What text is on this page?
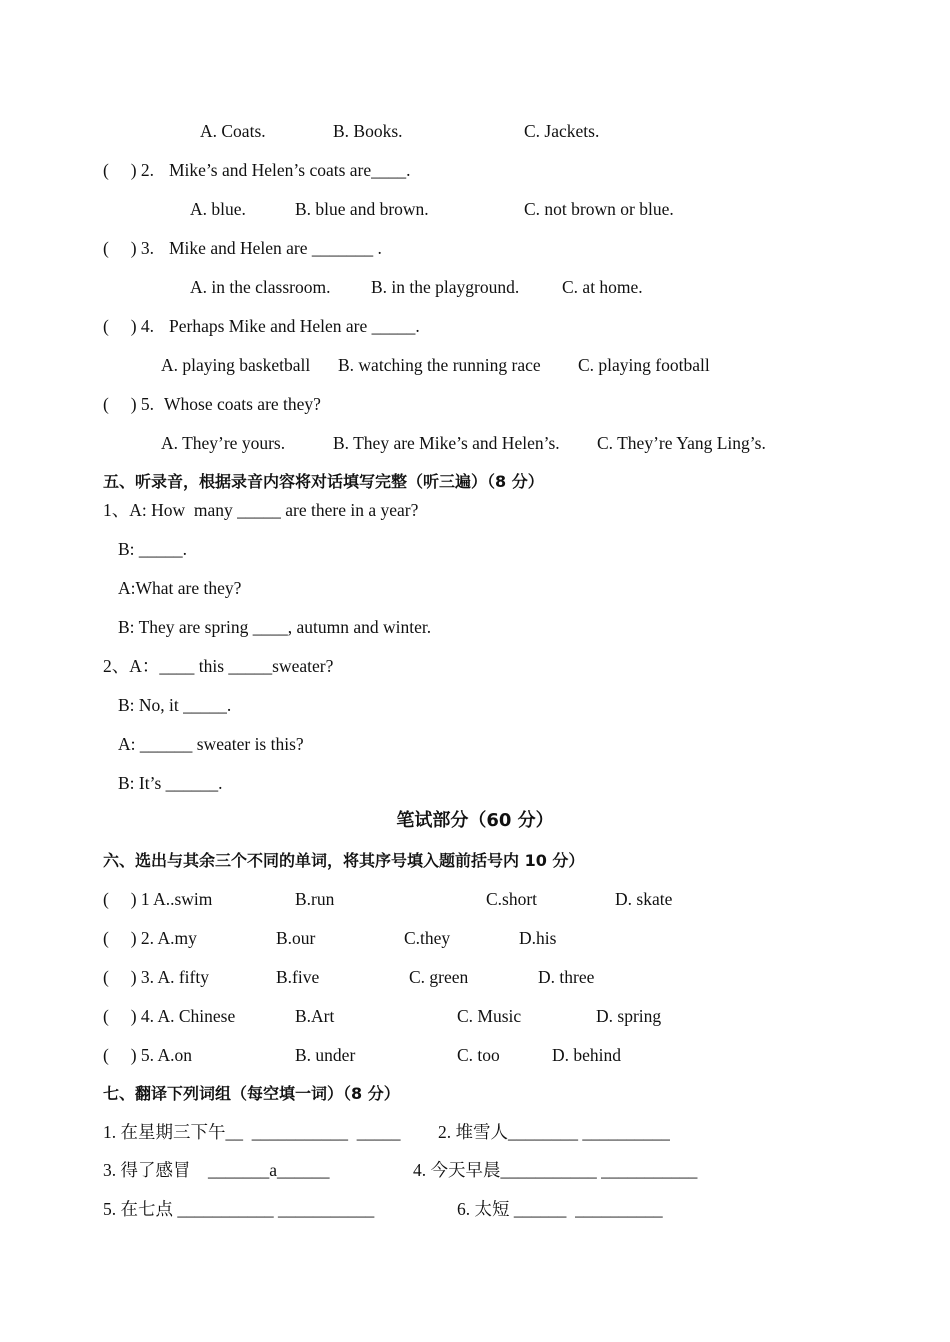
A. Coats.	B. Books.	C. Jackets.
(     ) 2. Mike’s and Helen’s coats are____.
A. blue.	B. blue and brown.	C. not brown or blue.
(     ) 3. Mike and Helen are _______ .
A. in the classroom. B. in the playground. C. at home.
(     ) 4. Perhaps Mike and Helen are _____.
A. playing basketball B. watching the running race C. playing football
(     ) 5. Whose coats are they?
A. They’re yours.	B. They are Mike’s and Helen’s. C. They’re Yang Ling’s.
五、听录音，根据录音内容将对话填写完整（听三遍）（8 分）
1、A: How  many _____ are there in a year?
B: _____.
A:What are they?
B: They are spring ____, autumn and winter.
2、A：____ this _____sweater?
B: No, it _____.
A: ______ sweater is this?
B: It’s ______.
笔试部分（60 分）
六、选出与其余三个不同的单词，将其序号填入题前括号内 10 分）
(     ) 1 A..swim	B.run	C.short	D. skate
(     ) 2. A.my	B.our	C.they	D.his
(     ) 3. A. fifty	B.five	C. green	D. three
(     ) 4. A. Chinese	B.Art	C. Music	D. spring
(     ) 5. A.on	B. under	C. too	D. behind
七、翻译下列词组（每空填一词）（8 分）
1. 在星期三下午__  ___________  _____ 2. 堆雪人________ __________
3. 得了感冒    _______a______	4. 今天早晨___________ ___________
5. 在七点 ___________ ___________	6. 太短 ______  __________
